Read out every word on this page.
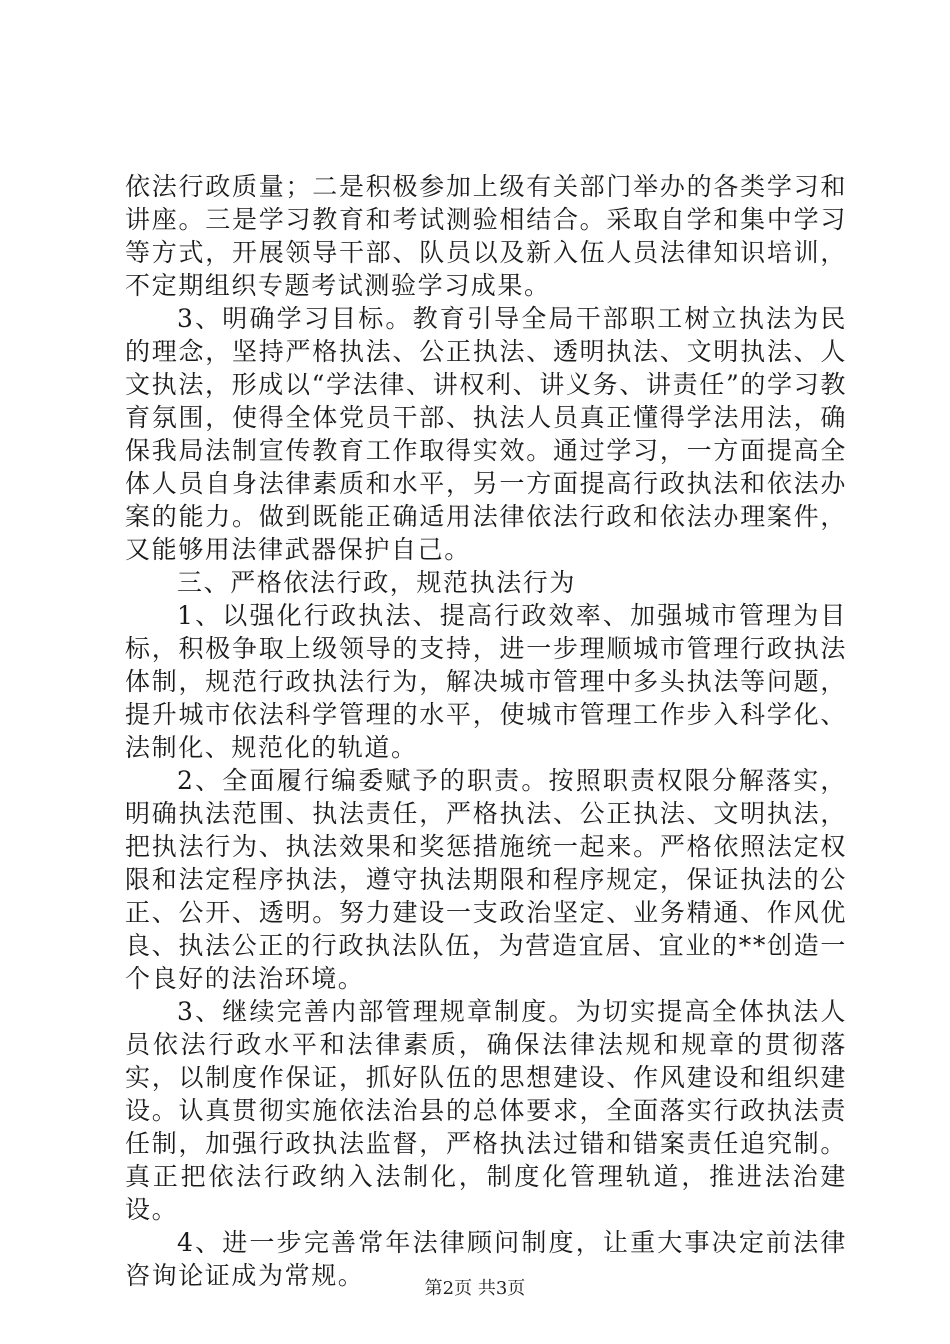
依法行政质量；二是积极参加上级有关部门举办的各类学习和讲座。三是学习教育和考试测验相结合。采取自学和集中学习等方式，开展领导干部、队员以及新入伍人员法律知识培训，不定期组织专题考试测验学习成果。

3、明确学习目标。教育引导全局干部职工树立执法为民的理念，坚持严格执法、公正执法、透明执法、文明执法、人文执法，形成以“学法律、讲权利、讲义务、讲责任”的学习教育氛围，使得全体党员干部、执法人员真正懂得学法用法，确保我局法制宣传教育工作取得实效。通过学习，一方面提高全体人员自身法律素质和水平，另一方面提高行政执法和依法办案的能力。做到既能正确适用法律依法行政和依法办理案件，又能够用法律武器保护自己。

三、严格依法行政，规范执法行为

1、以强化行政执法、提高行政效率、加强城市管理为目标，积极争取上级领导的支持，进一步理顺城市管理行政执法体制，规范行政执法行为，解决城市管理中多头执法等问题，提升城市依法科学管理的水平，使城市管理工作步入科学化、法制化、规范化的轨道。

2、全面履行编委赋予的职责。按照职责权限分解落实，明确执法范围、执法责任，严格执法、公正执法、文明执法，把执法行为、执法效果和奖惩措施统一起来。严格依照法定权限和法定程序执法，遵守执法期限和程序规定，保证执法的公正、公开、透明。努力建设一支政治坚定、业务精通、作风优良、执法公正的行政执法队伍，为营造宜居、宜业的**创造一个良好的法治环境。

3、继续完善内部管理规章制度。为切实提高全体执法人员依法行政水平和法律素质，确保法律法规和规章的贯彻落实，以制度作保证，抓好队伍的思想建设、作风建设和组织建设。认真贯彻实施依法治县的总体要求，全面落实行政执法责任制，加强行政执法监督，严格执法过错和错案责任追究制。真正把依法行政纳入法制化，制度化管理轨道，推进法治建设。

4、进一步完善常年法律顾问制度，让重大事决定前法律咨询论证成为常规。	第2页 共3页
